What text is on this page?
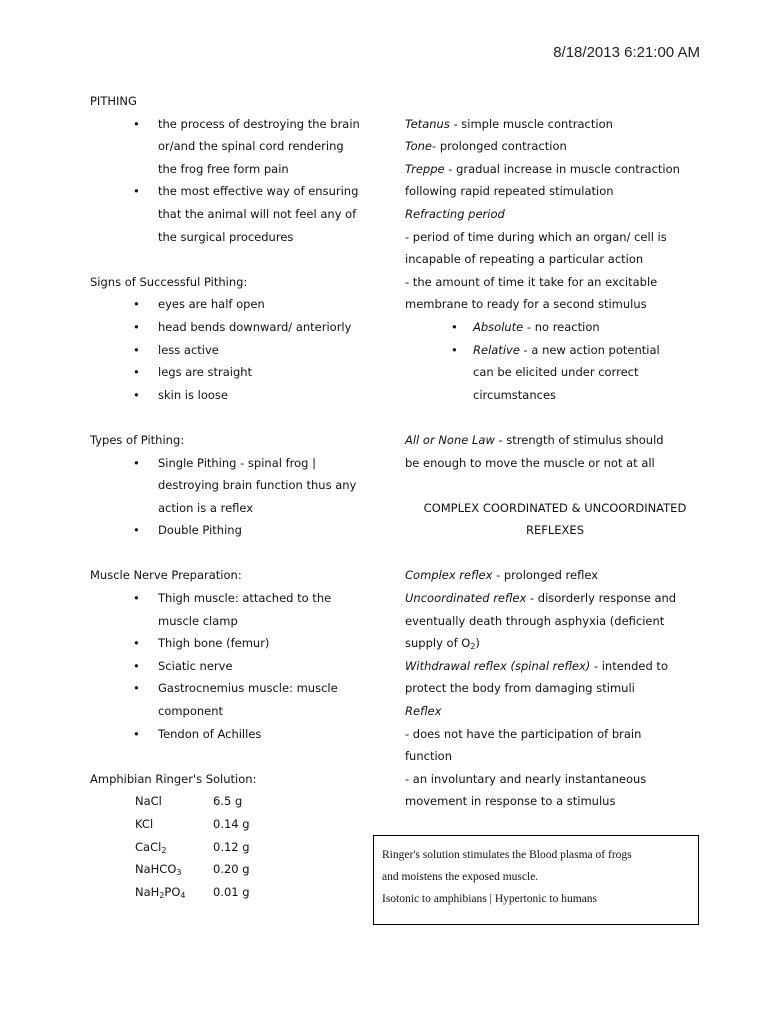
8/18/2013 6:21:00 AM
PITHING
• the process of destroying the brain
or/and the spinal cord rendering
the frog free form pain
• the most effective way of ensuring
that the animal will not feel any of
the surgical procedures
Signs of Successful Pithing:
• eyes are half open
• head bends downward/ anteriorly
• less active
• legs are straight
• skin is loose
Types of Pithing:
• Single Pithing - spinal frog |
destroying brain function thus any
action is a reflex
• Double Pithing
Muscle Nerve Preparation:
• Thigh muscle: attached to the
muscle clamp
• Thigh bone (femur)
• Sciatic nerve
• Gastrocnemius muscle: muscle
component
• Tendon of Achilles
Amphibian Ringer's Solution:
NaCl	6.5 g
KCl	0.14 g
CaCl$_2$	0.12 g
NaHCO$_3$	0.20 g
$NaH_2PO_4$ 0.01 g
Tetanus - simple muscle contraction
Tone- prolonged contraction
Treppe - gradual increase in muscle contraction
following rapid repeated stimulation
Refracting period
- period of time during which an organ/ cell is
incapable of repeating a particular action
- the amount of time it take for an excitable
membrane to ready for a second stimulus
• Absolute - no reaction
• Relative - a new action potential
can be elicited under correct
circumstances
All or None Law - strength of stimulus should
be enough to move the muscle or not at all
COMPLEX COORDINATED & UNCOORDINATED
REFLEXES
Complex reflex - prolonged reflex
Uncoordinated reflex - disorderly response and
eventually death through asphyxia (deficient
supply of $O_2$)
Withdrawal reflex (spinal reflex) - intended to
protect the body from damaging stimuli
Reflex
- does not have the participation of brain
function
- an involuntary and nearly instantaneous
movement in response to a stimulus
Ringer's solution stimulates the Blood plasma of frogs
and moistens the exposed muscle.
Isotonic to amphibians | Hypertonic to humans
